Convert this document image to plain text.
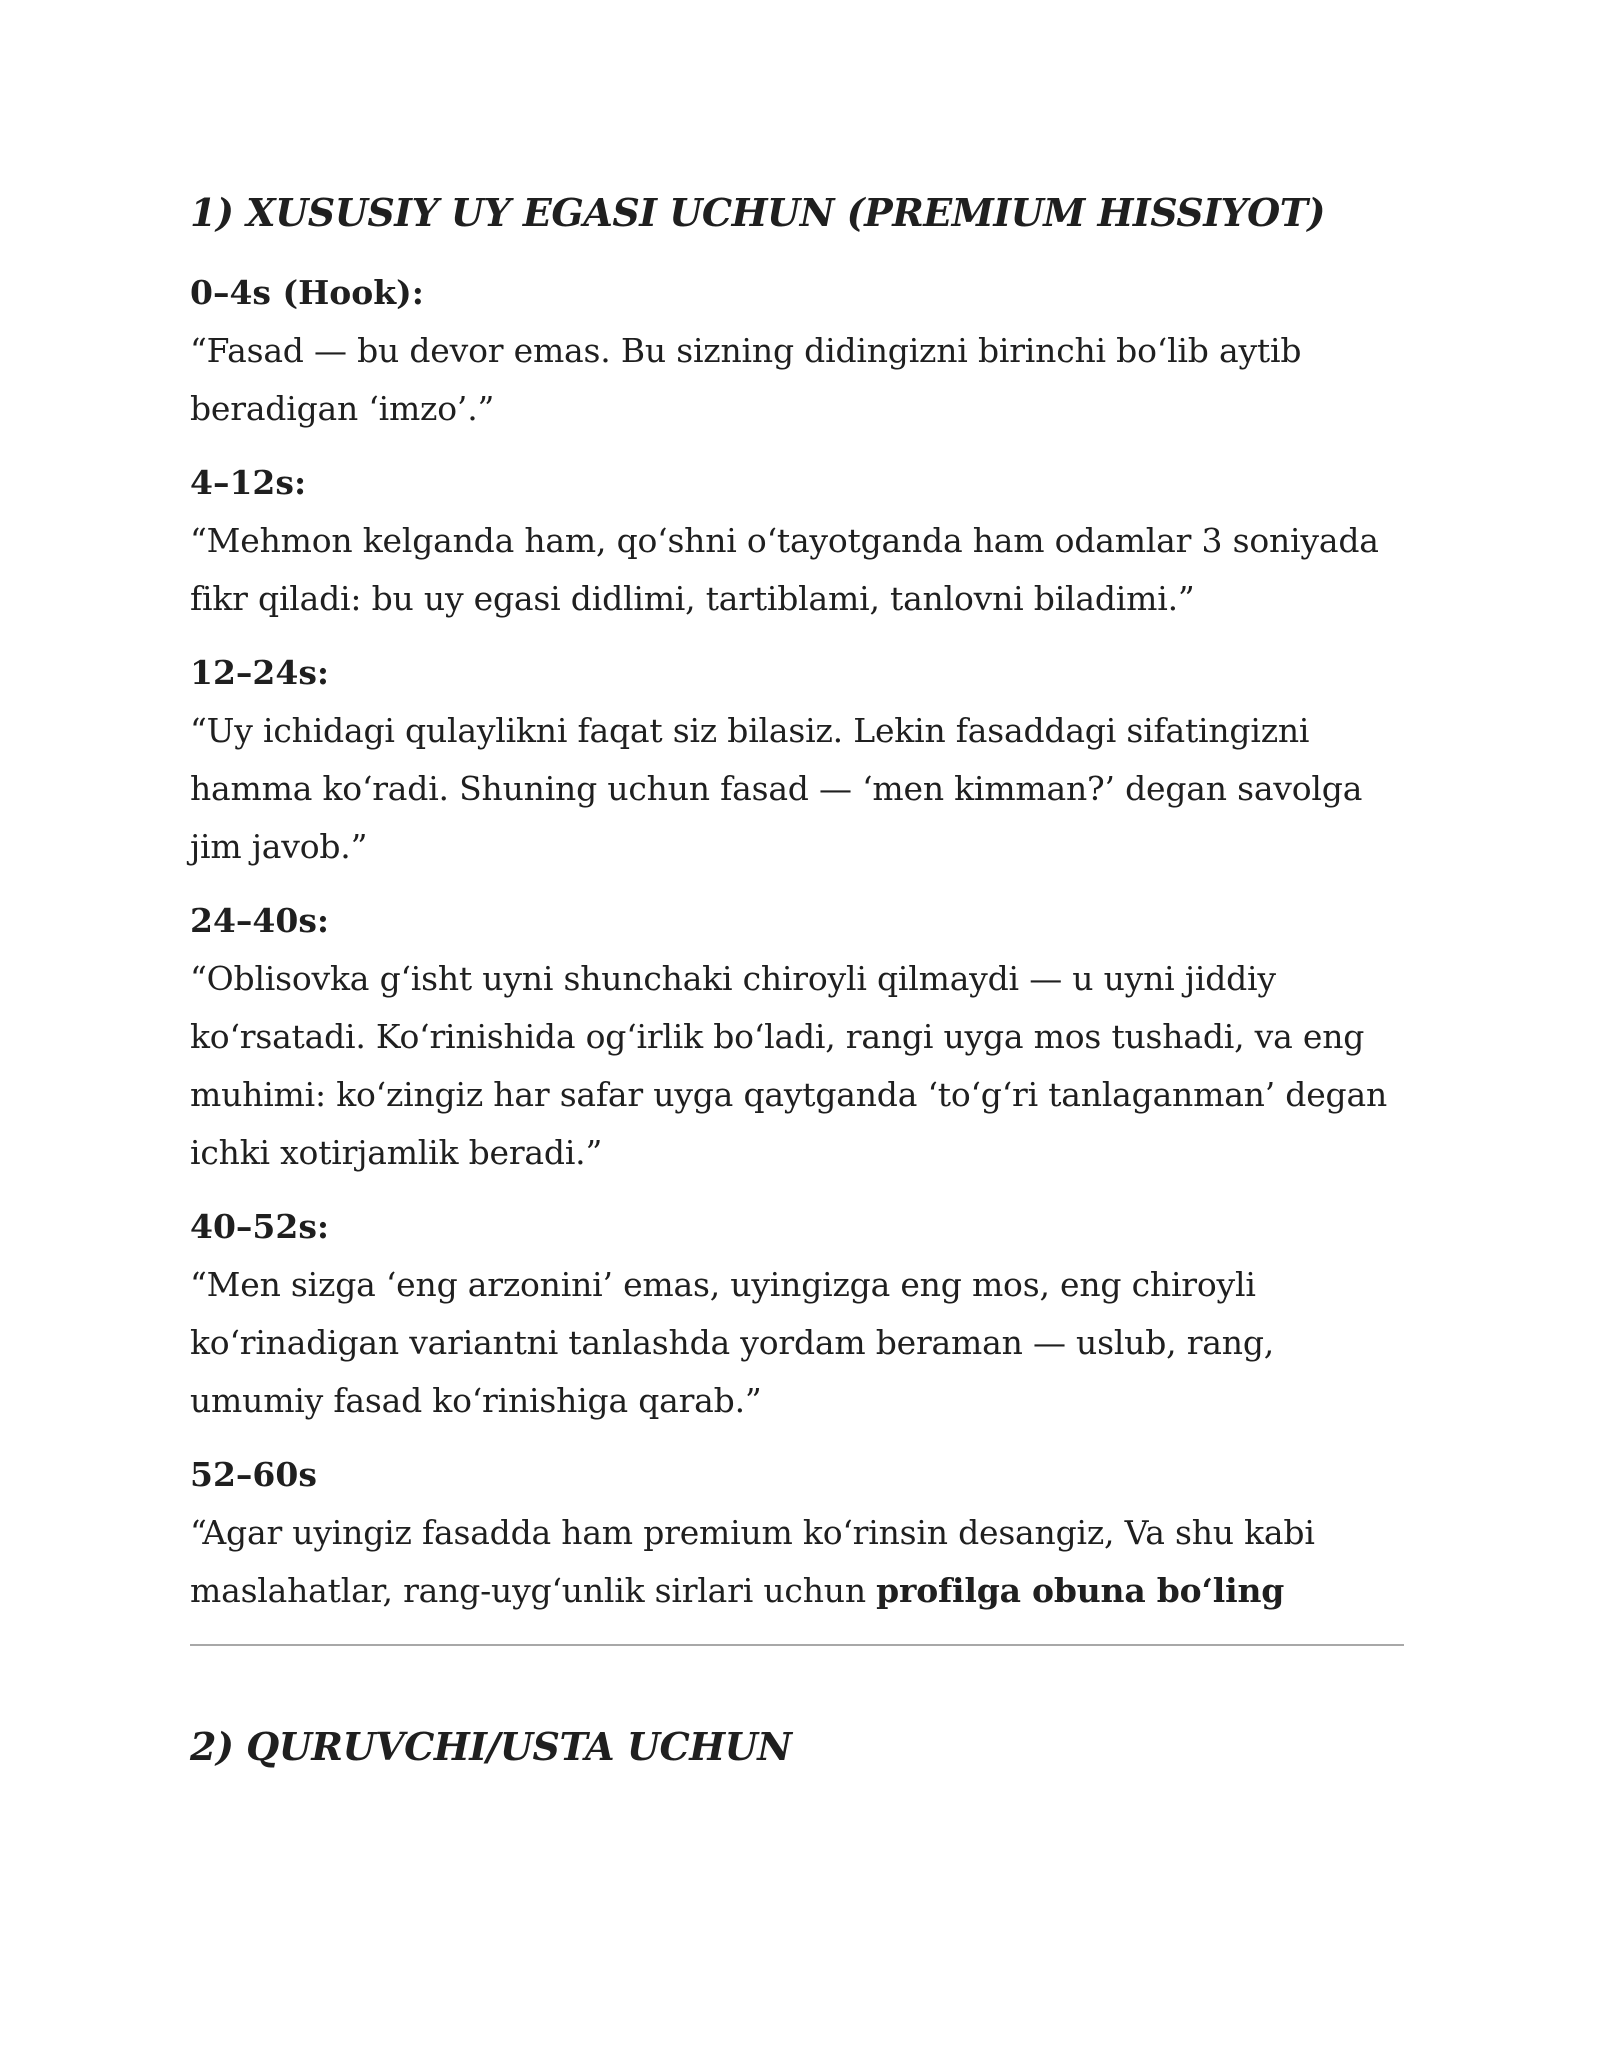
1) XUSUSIY UY EGASI UCHUN (PREMIUM HISSIYOT)

0–4s (Hook):

“Fasad — bu devor emas. Bu sizning didingizni birinchi boʻlib aytib beradigan ‘imzo’.”

4–12s:

“Mehmon kelganda ham, qoʻshni oʻtayotganda ham odamlar 3 soniyada fikr qiladi: bu uy egasi didlimi, tartiblami, tanlovni biladimi.”

12–24s:

“Uy ichidagi qulaylikni faqat siz bilasiz. Lekin fasaddagi sifatingizni hamma koʻradi. Shuning uchun fasad — ‘men kimman?’ degan savolga jim javob.”

24–40s:

“Oblisovka gʻisht uyni shunchaki chiroyli qilmaydi — u uyni jiddiy koʻrsatadi. Koʻrinishida ogʻirlik boʻladi, rangi uyga mos tushadi, va eng muhimi: koʻzingiz har safar uyga qaytganda ‘toʻgʻri tanlaganman’ degan ichki xotirjamlik beradi.”

40–52s:

“Men sizga ‘eng arzonini’ emas, uyingizga eng mos, eng chiroyli koʻrinadigan variantni tanlashda yordam beraman — uslub, rang, umumiy fasad koʻrinishiga qarab.”

52–60s

“Agar uyingiz fasadda ham premium koʻrinsin desangiz, Va shu kabi maslahatlar, rang-uygʻunlik sirlari uchun profilga obuna boʻling

2) QURUVCHI/USTA UCHUN
